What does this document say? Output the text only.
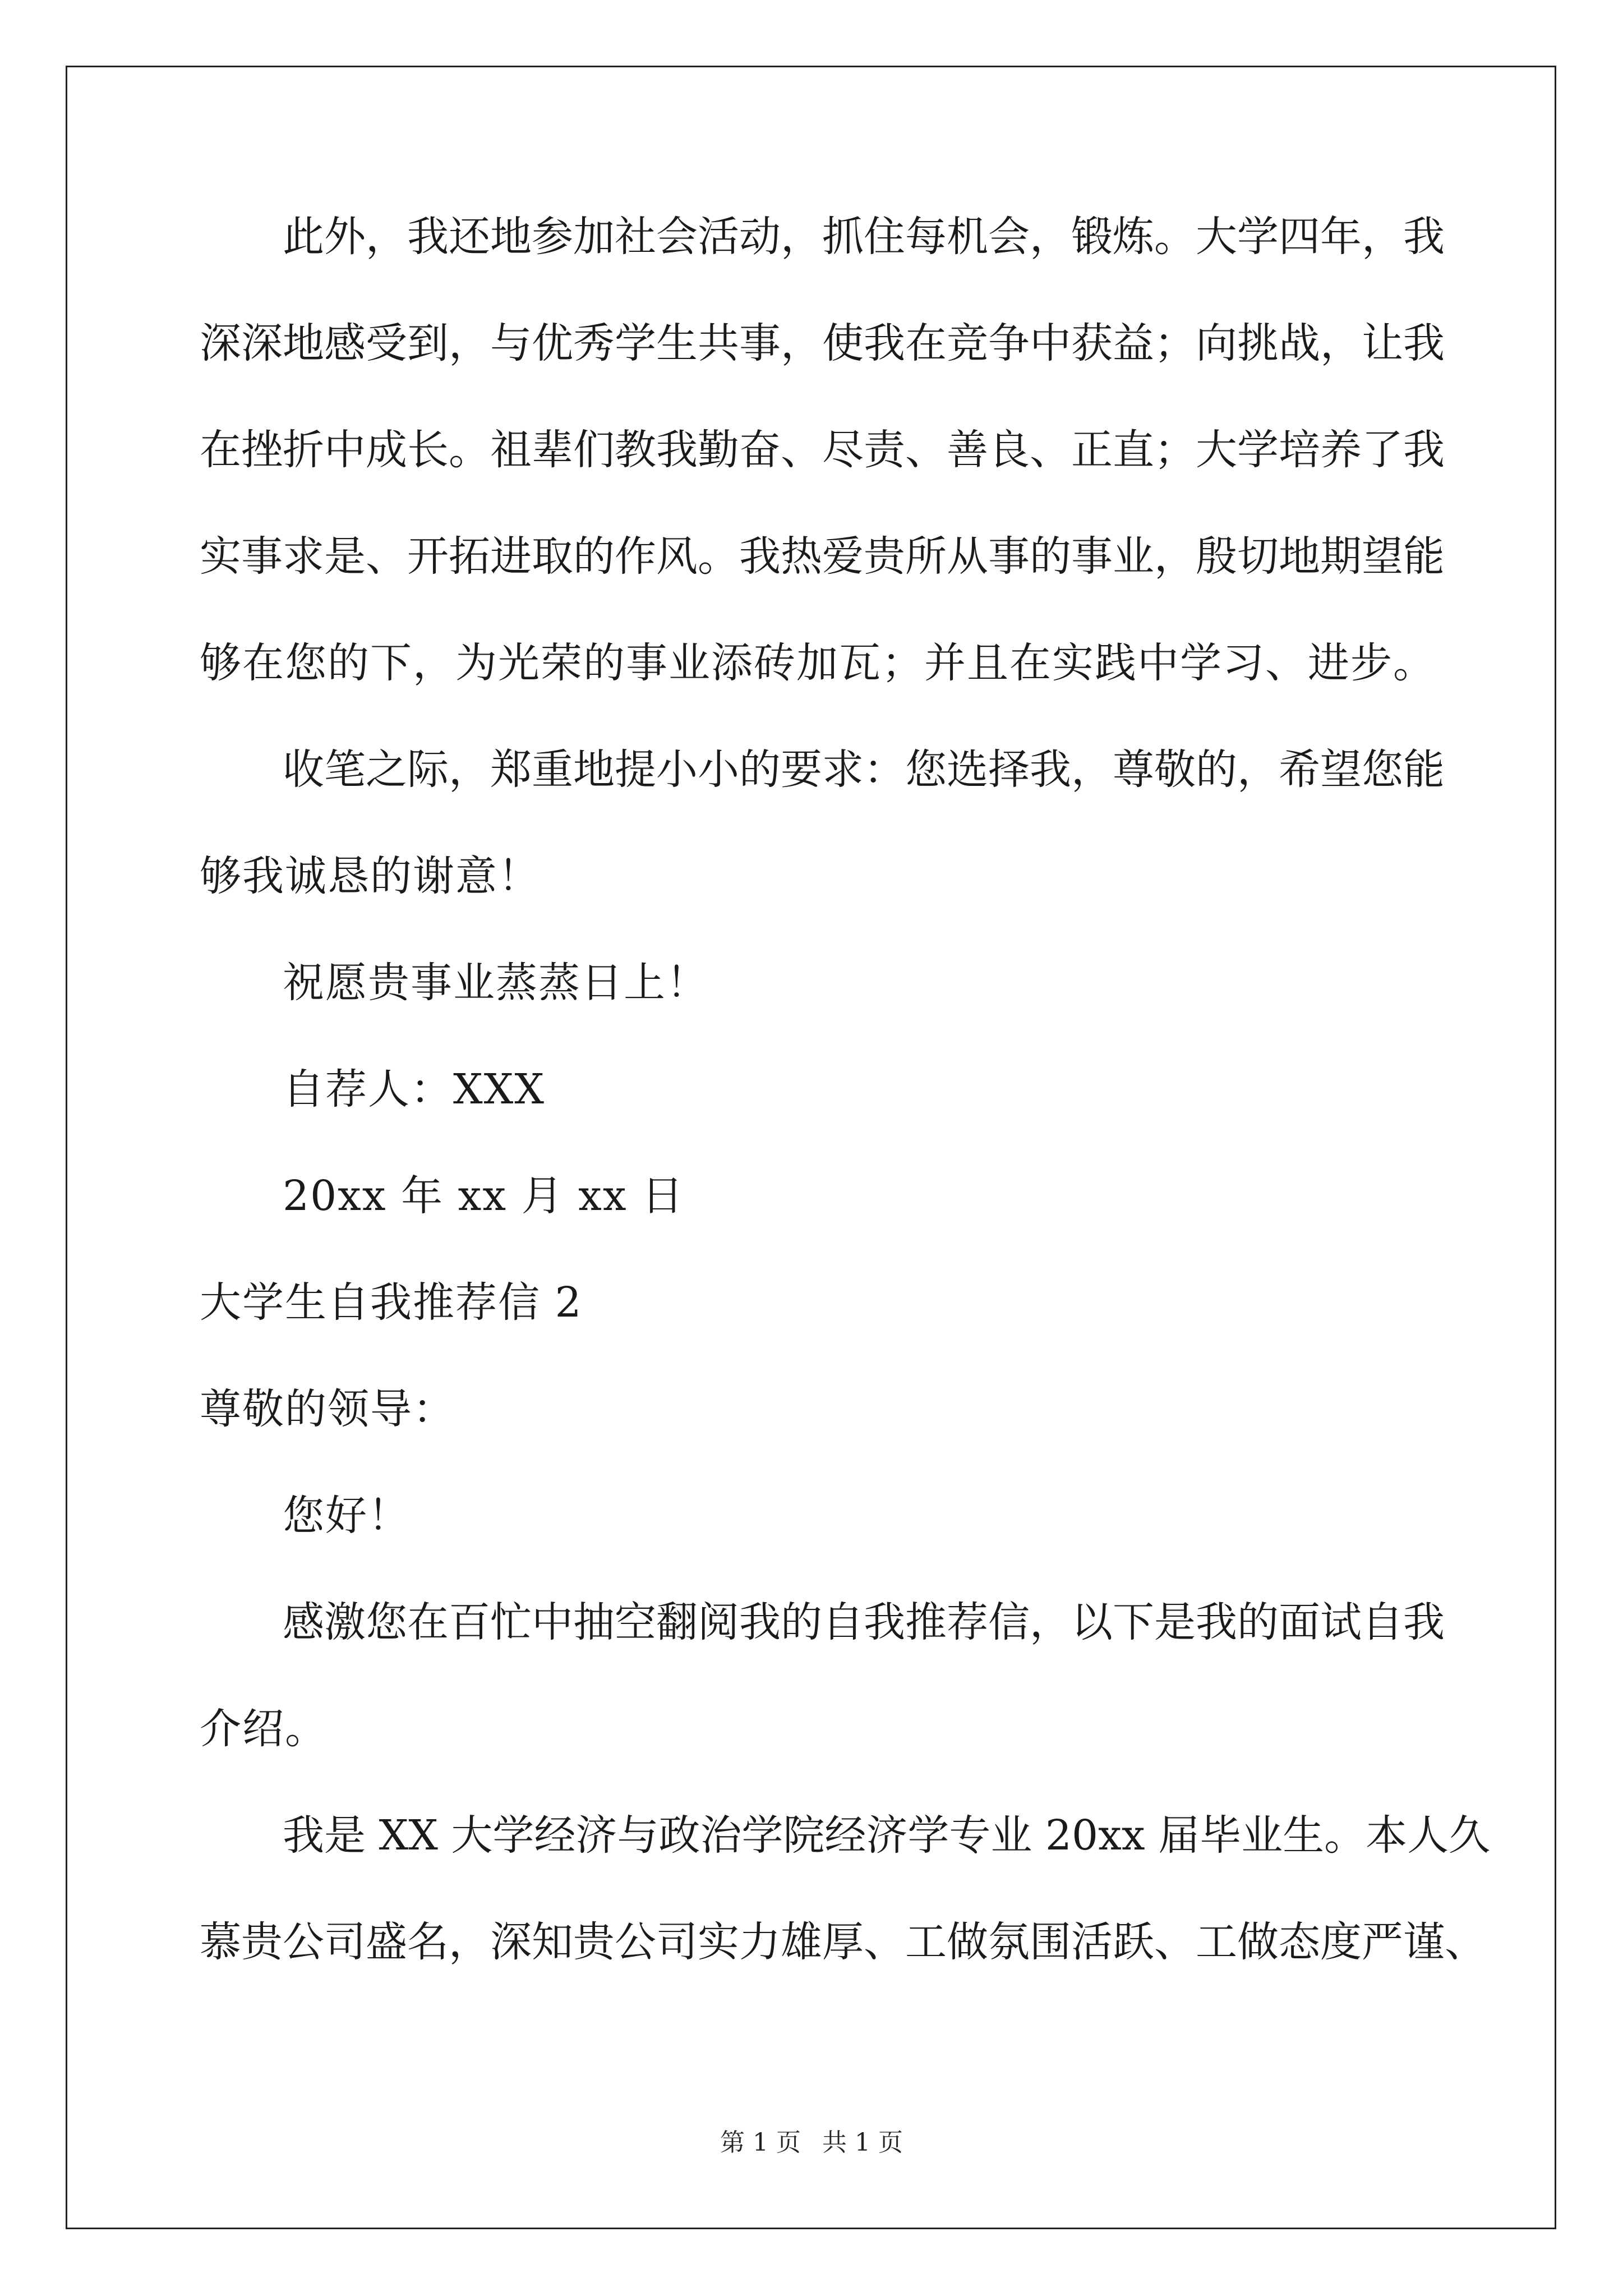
此外，我还地参加社会活动，抓住每机会，锻炼。大学四年，我
深深地感受到，与优秀学生共事，使我在竞争中获益；向挑战，让我
在挫折中成长。祖辈们教我勤奋、尽责、善良、正直；大学培养了我
实事求是、开拓进取的作风。我热爱贵所从事的事业，殷切地期望能
够在您的下，为光荣的事业添砖加瓦；并且在实践中学习、进步。
收笔之际，郑重地提小小的要求：您选择我，尊敬的，希望您能
够我诚恳的谢意！
祝愿贵事业蒸蒸日上！
自荐人：XXX
20xx 年 xx 月 xx 日
大学生自我推荐信 2
尊敬的领导：
您好！
感激您在百忙中抽空翻阅我的自我推荐信，以下是我的面试自我
介绍。
我是 XX 大学经济与政治学院经济学专业 20xx 届毕业生。本人久
慕贵公司盛名，深知贵公司实力雄厚、工做氛围活跃、工做态度严谨、
第 1 页 共 1 页
